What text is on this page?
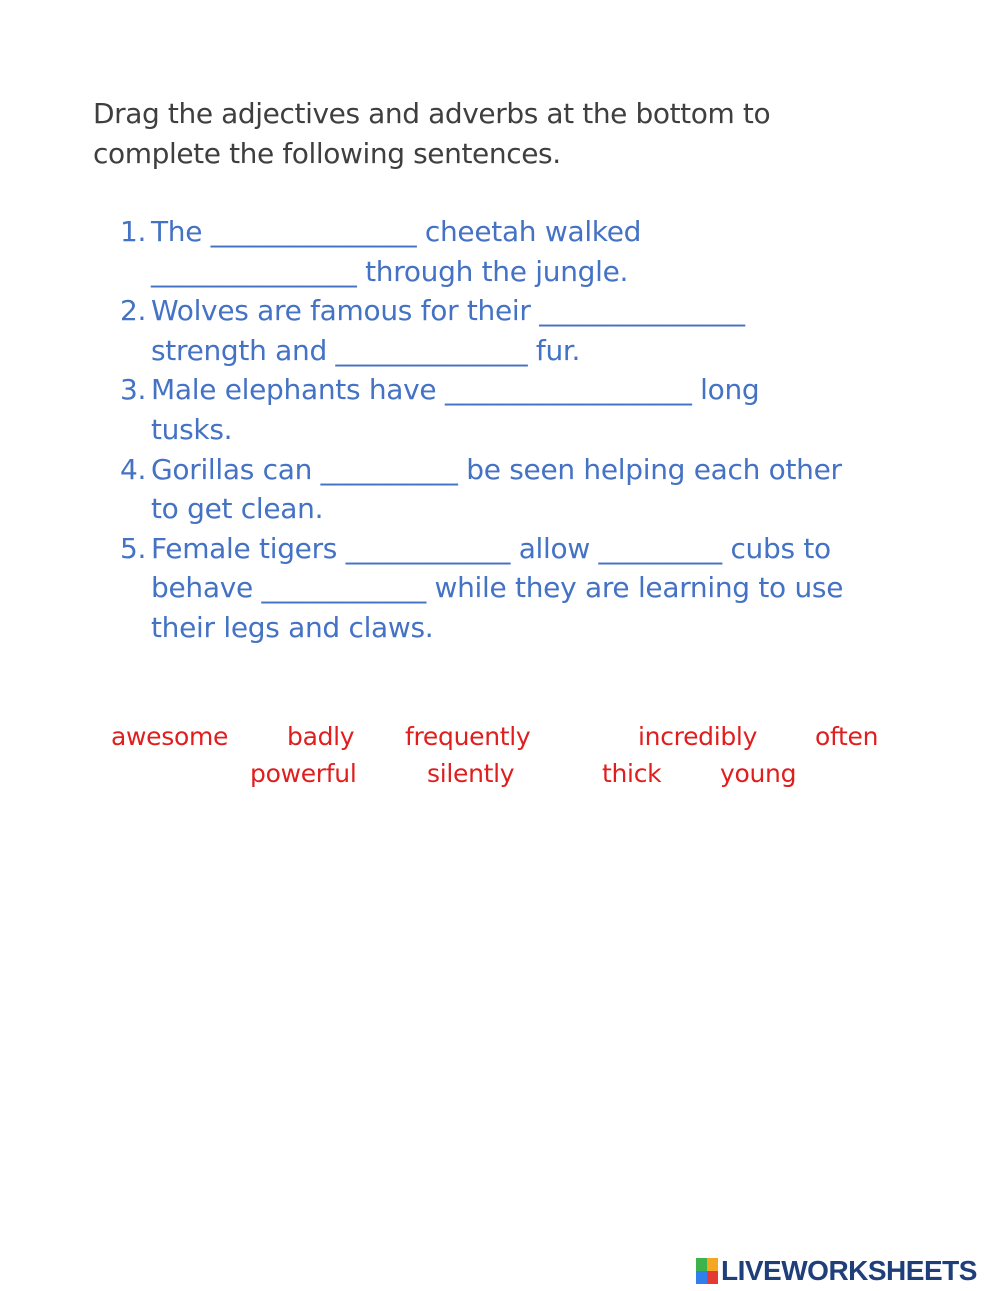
Drag the adjectives and adverbs at the bottom to
complete the following sentences.
1. The _______________ cheetah walked
_______________ through the jungle.
2. Wolves are famous for their _______________
strength and ______________ fur.
3. Male elephants have __________________ long
tusks.
4. Gorillas can __________ be seen helping each other
to get clean.
5. Female tigers ____________ allow _________ cubs to
behave ____________ while they are learning to use
their legs and claws.
awesome badly frequently	incredibly often
powerful	silently	thick young
LIVEWORKSHEETS
